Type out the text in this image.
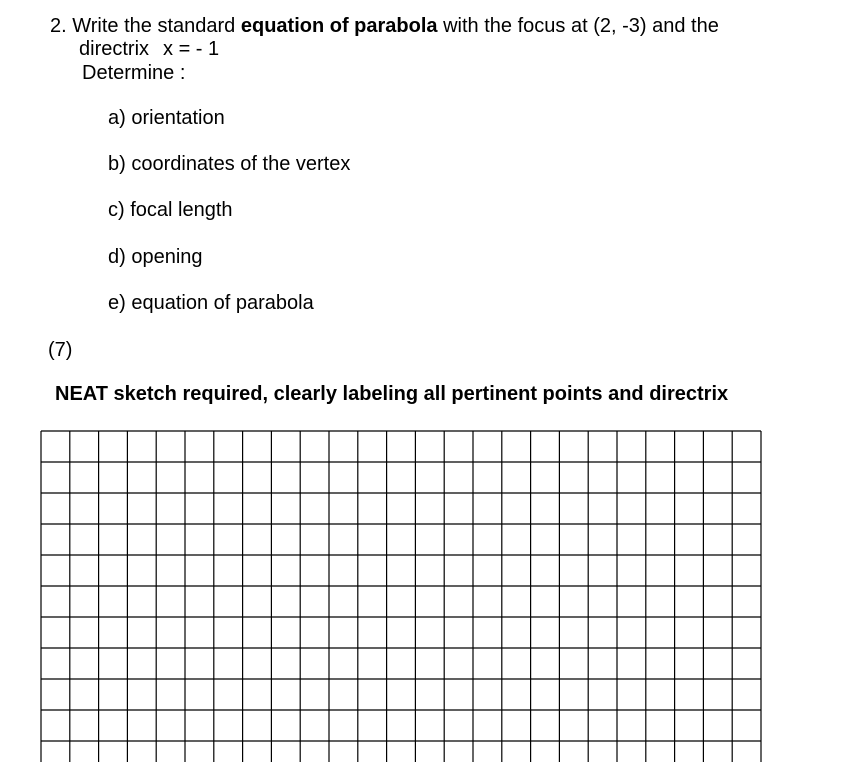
2. Write the standard equation of parabola with the focus at (2, -3) and the
directrix x = - 1
Determine :
a) orientation
b) coordinates of the vertex
c) focal length
d) opening
e) equation of parabola
(7)
NEAT sketch required, clearly labeling all pertinent points and directrix
